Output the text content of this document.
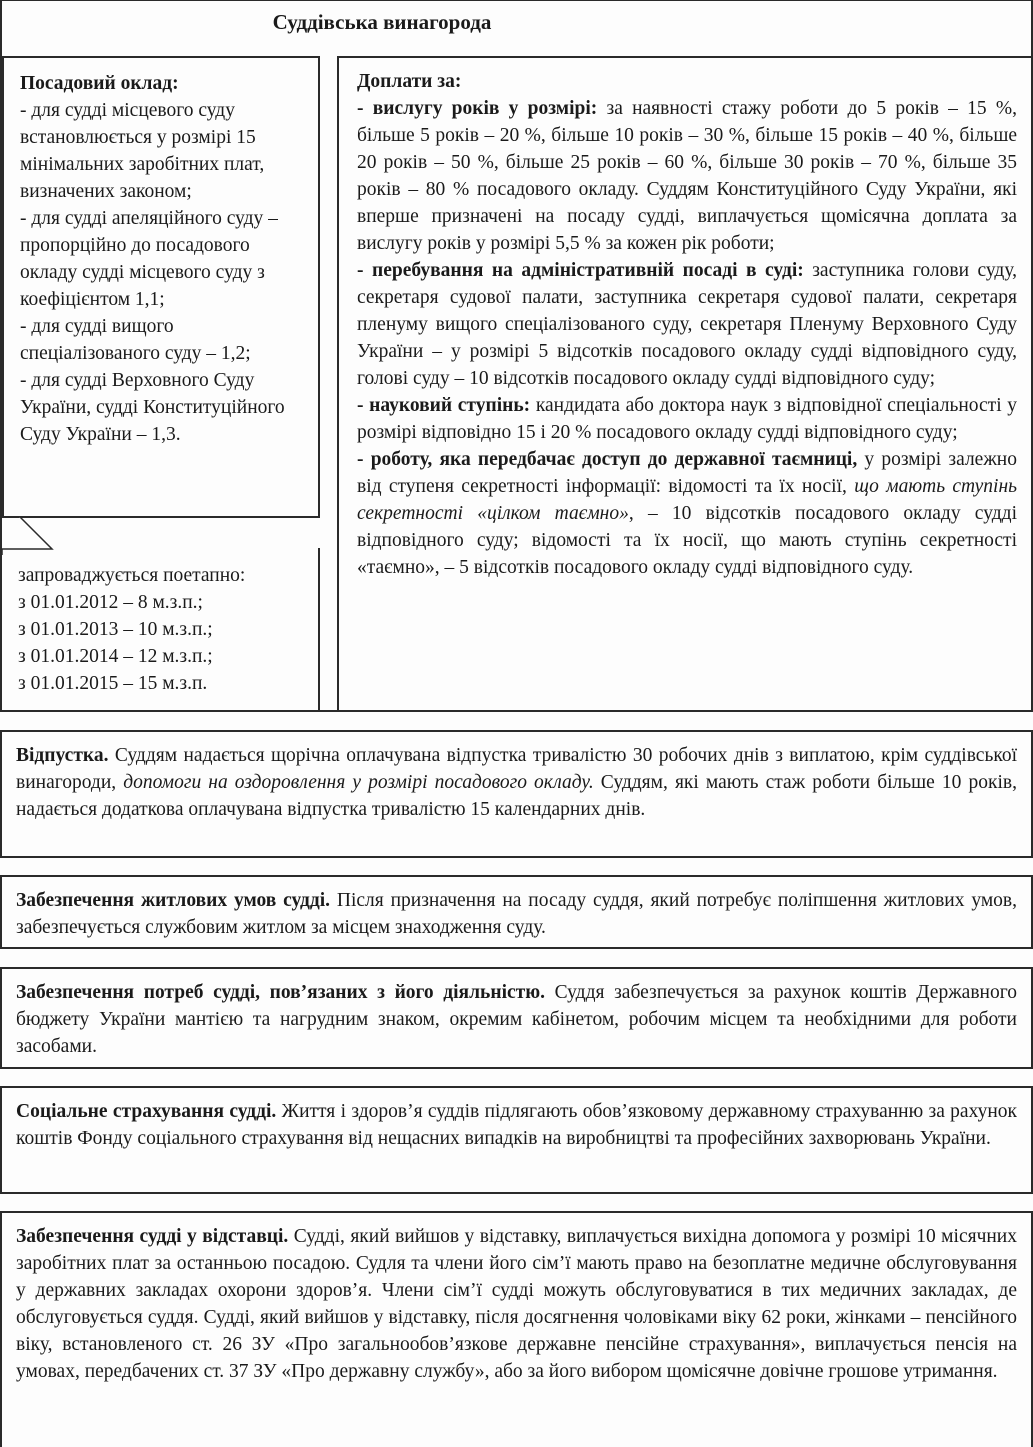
Суддівська винагорода

Посадовий оклад:

- для судді місцевого суду встановлюється у розмірі 15 мінімальних заробітних плат, визначених законом;

- для судді апеляційного суду – пропорційно до посадового окладу судді місцевого суду з коефіцієнтом 1,1;

- для судді вищого спеціалізованого суду – 1,2;

- для судді Верховного Суду України, судді Конституційного Суду України – 1,3.

запроваджується поетапно:
з 01.01.2012 – 8 м.з.п.;
з 01.01.2013 – 10 м.з.п.;
з 01.01.2014 – 12 м.з.п.;
з 01.01.2015 – 15 м.з.п.

Доплати за:

- вислугу років у розмірі: за наявності стажу роботи до 5 років – 15 %, більше 5 років – 20 %, більше 10 років – 30 %, більше 15 років – 40 %, більше 20 років – 50 %, більше 25 років – 60 %, більше 30 років – 70 %, більше 35 років – 80 % посадового окладу. Суддям Конституційного Суду України, які вперше призначені на посаду судді, виплачується щомісячна доплата за вислугу років у розмірі 5,5 % за кожен рік роботи;

- перебування на адміністративній посаді в суді: заступника голови суду, секретаря судової палати, заступника секретаря судової палати, секретаря пленуму вищого спеціалізованого суду, секретаря Пленуму Верховного Суду України – у розмірі 5 відсотків посадового окладу судді відповідного суду, голові суду – 10 відсотків посадового окладу судді відповідного суду;

- науковий ступінь: кандидата або доктора наук з відповідної спеціальності у розмірі відповідно 15 і 20 % посадового окладу судді відповідного суду;

- роботу, яка передбачає доступ до державної таємниці, у розмірі залежно від ступеня секретності інформації: відомості та їх носії, що мають ступінь секретності «цілком таємно», – 10 відсотків посадового окладу судді відповідного суду; відомості та їх носії, що мають ступінь секретності «таємно», – 5 відсотків посадового окладу судді відповідного суду.

Відпустка. Суддям надається щорічна оплачувана відпустка тривалістю 30 робочих днів з виплатою, крім суддівської винагороди, допомоги на оздоровлення у розмірі посадового окладу. Суддям, які мають стаж роботи більше 10 років, надається додаткова оплачувана відпустка тривалістю 15 календарних днів.

Забезпечення житлових умов судді. Після призначення на посаду суддя, який потребує поліпшення житлових умов, забезпечується службовим житлом за місцем знаходження суду.

Забезпечення потреб судді, пов’язаних з його діяльністю. Суддя забезпечується за рахунок коштів Державного бюджету України мантією та нагрудним знаком, окремим кабінетом, робочим місцем та необхідними для роботи засобами.

Соціальне страхування судді. Життя і здоров’я суддів підлягають обов’язковому державному страхуванню за рахунок коштів Фонду соціального страхування від нещасних випадків на виробництві та професійних захворювань України.

Забезпечення судді у відставці. Судді, який вийшов у відставку, виплачується вихідна допомога у розмірі 10 місячних заробітних плат за останньою посадою. Судля та члени його сім’ї мають право на безоплатне медичне обслуговування у державних закладах охорони здоров’я. Члени сім’ї судді можуть обслуговуватися в тих медичних закладах, де обслуговується суддя. Судді, який вийшов у відставку, після досягнення чоловіками віку 62 роки, жінками – пенсійного віку, встановленого ст. 26 ЗУ «Про загальнообов’язкове державне пенсійне страхування», виплачується пенсія на умовах, передбачених ст. 37 ЗУ «Про державну службу», або за його вибором щомісячне довічне грошове утримання.
